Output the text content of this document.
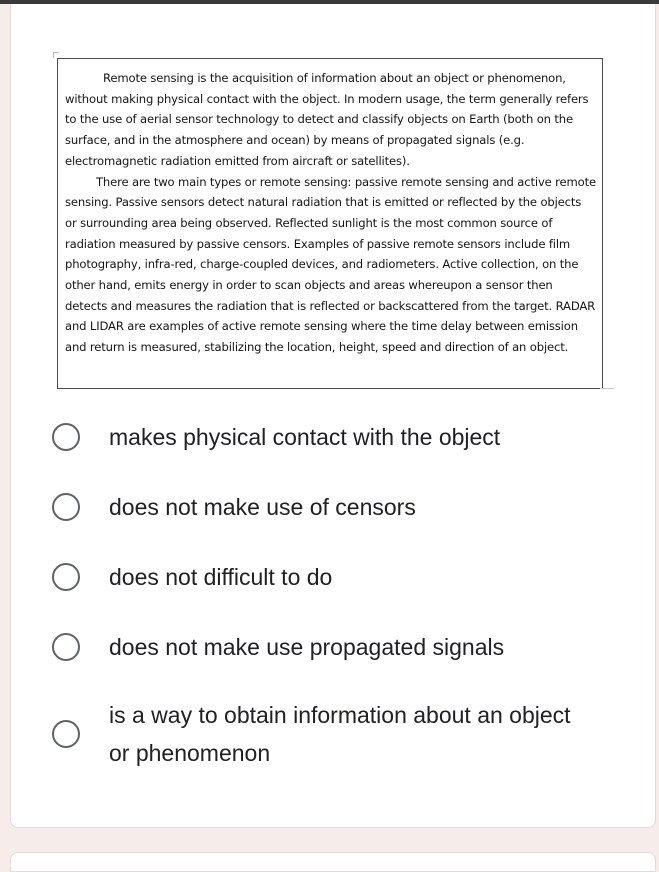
Remote sensing is the acquisition of information about an object or phenomenon, without making physical contact with the object. In modern usage, the term generally refers to the use of aerial sensor technology to detect and classify objects on Earth (both on the surface, and in the atmosphere and ocean) by means of propagated signals (e.g. electromagnetic radiation emitted from aircraft or satellites).

There are two main types or remote sensing: passive remote sensing and active remote sensing. Passive sensors detect natural radiation that is emitted or reflected by the objects or surrounding area being observed. Reflected sunlight is the most common source of radiation measured by passive censors. Examples of passive remote sensors include film photography, infra-red, charge-coupled devices, and radiometers. Active collection, on the other hand, emits energy in order to scan objects and areas whereupon a sensor then detects and measures the radiation that is reflected or backscattered from the target. RADAR and LIDAR are examples of active remote sensing where the time delay between emission and return is measured, stabilizing the location, height, speed and direction of an object.

makes physical contact with the object
does not make use of censors
does not difficult to do
does not make use propagated signals
is a way to obtain information about an object or phenomenon
